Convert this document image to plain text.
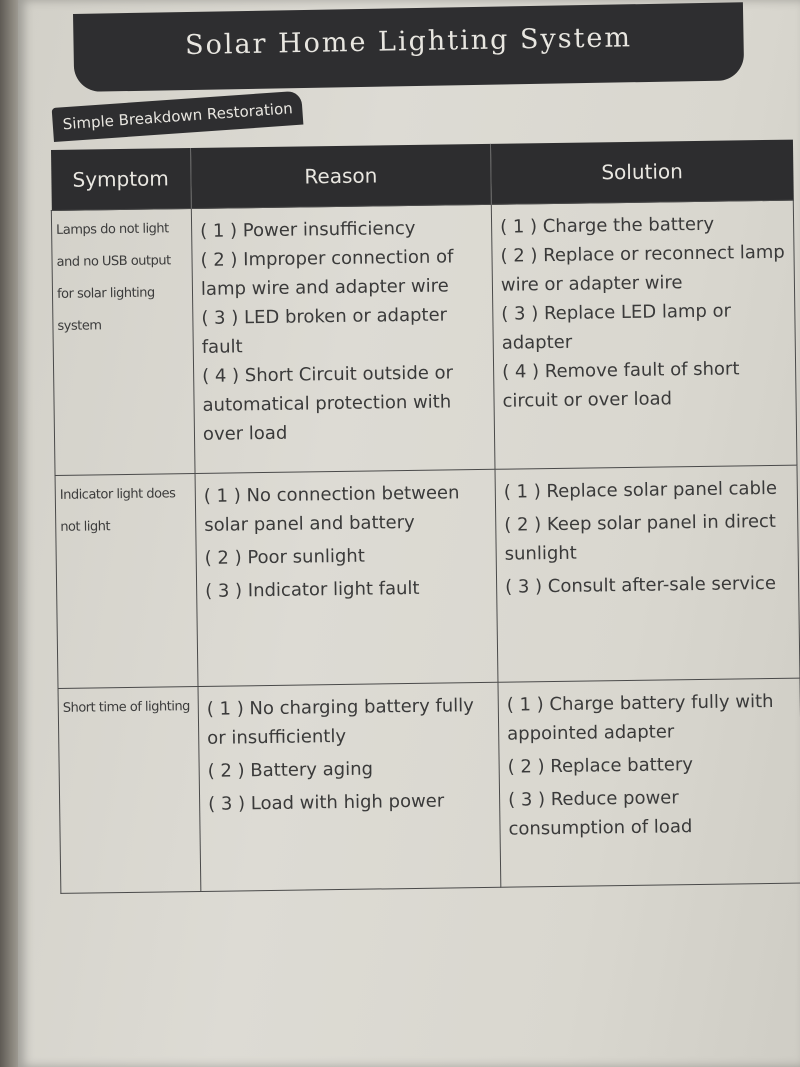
Solar Home Lighting System
Simple Breakdown Restoration
Symptom	Reason	Solution
Lamps do not light and no USB output for solar lighting system	( 1 ) Power insufficiency
( 2 ) Improper connection of lamp wire and adapter wire
( 3 ) LED broken or adapter fault
( 4 ) Short Circuit outside or automatical protection with over load	( 1 ) Charge the battery
( 2 ) Replace or reconnect lamp wire or adapter wire
( 3 ) Replace LED lamp or adapter
( 4 ) Remove fault of short circuit or over load

Indicator light does not light	( 1 ) No connection between solar panel and battery
( 2 ) Poor sunlight
( 3 ) Indicator light fault	( 1 ) Replace solar panel cable
( 2 ) Keep solar panel in direct sunlight
( 3 ) Consult after-sale service

Short time of lighting	( 1 ) No charging battery fully or insufficiently
( 2 ) Battery aging
( 3 ) Load with high power	( 1 ) Charge battery fully with appointed adapter
( 2 ) Replace battery
( 3 ) Reduce power consumption of load
